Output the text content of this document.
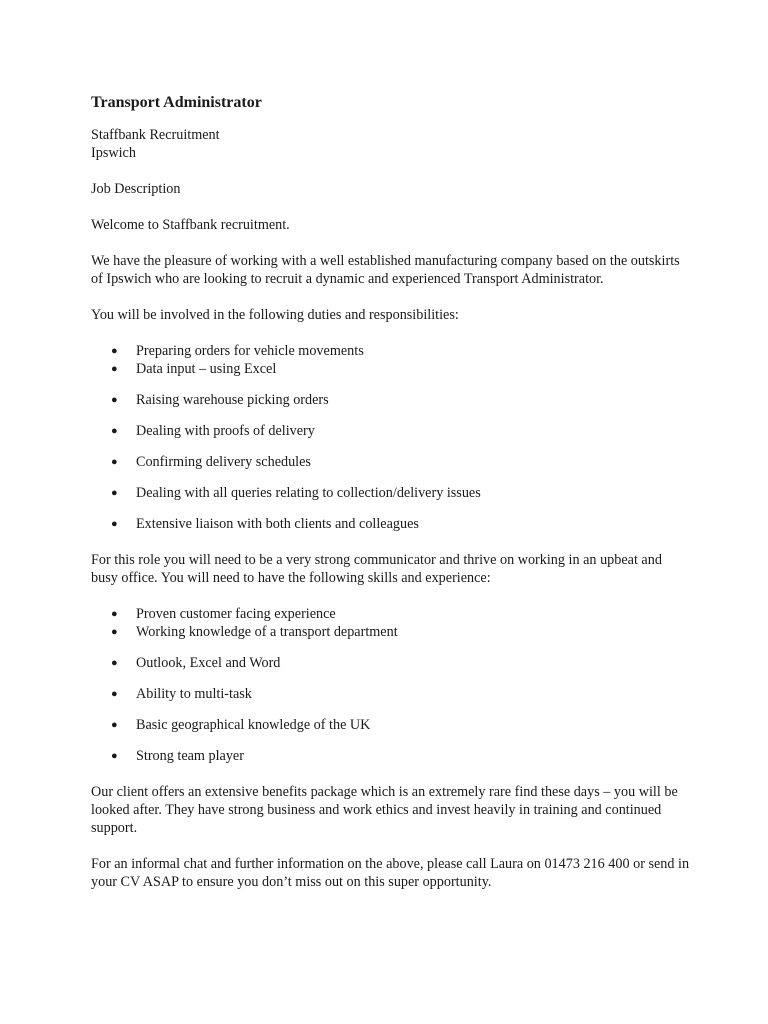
Transport Administrator

Staffbank Recruitment

Ipswich

Job Description

Welcome to Staffbank recruitment.

We have the pleasure of working with a well established manufacturing company based on the outskirts of Ipswich who are looking to recruit a dynamic and experienced Transport Administrator.

You will be involved in the following duties and responsibilities:

● Preparing orders for vehicle movements
● Data input – using Excel
● Raising warehouse picking orders
● Dealing with proofs of delivery
● Confirming delivery schedules
● Dealing with all queries relating to collection/delivery issues
● Extensive liaison with both clients and colleagues

For this role you will need to be a very strong communicator and thrive on working in an upbeat and busy office. You will need to have the following skills and experience:

● Proven customer facing experience
● Working knowledge of a transport department
● Outlook, Excel and Word
● Ability to multi-task
● Basic geographical knowledge of the UK
● Strong team player

Our client offers an extensive benefits package which is an extremely rare find these days – you will be looked after. They have strong business and work ethics and invest heavily in training and continued support.

For an informal chat and further information on the above, please call Laura on 01473 216 400 or send in your CV ASAP to ensure you don’t miss out on this super opportunity.
